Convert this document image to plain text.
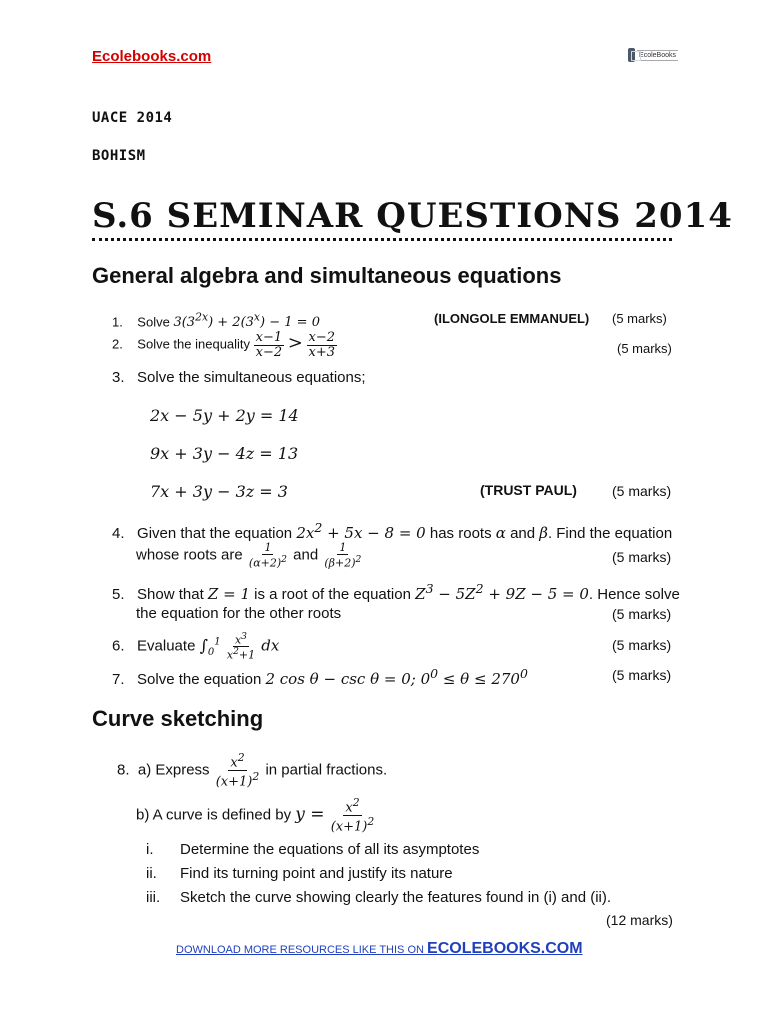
Ecolebooks.com	EcoleBooks
UACE 2014
BOHISM
S.6 SEMINAR QUESTIONS 2014
General algebra and simultaneous equations
1. Solve $3(3^{2x}) + 2(3^x) - 1 = 0$	(ILONGOLE EMMANUEL) (5 marks)
2. Solve the inequality $\frac{x-1}{x-2} > \frac{x-2}{x+3}$	(5 marks)
3. Solve the simultaneous equations;
2x − 5y + 2y = 14
9x + 3y − 4z = 13
7x + 3y − 3z = 3	(TRUST PAUL)	(5 marks)
4. Given that the equation $2x^2 + 5x - 8 = 0$ has roots α and β. Find the equation
whose roots are $\frac{1}{(\alpha+2)^2}$ and $\frac{1}{(\beta+2)^2}$	(5 marks)
5. Show that Z = 1 is a root of the equation $Z^3 - 5Z^2 + 9Z - 5 = 0$. Hence solve
the equation for the other roots	(5 marks)
6. Evaluate $\int_0^1 \frac{x^3}{x^2+1}$ dx	(5 marks)
7. Solve the equation 2 cos θ − csc θ = 0; $0^0 \le \theta \le 270^0$	(5 marks)
Curve sketching
8. a) Express $\frac{x^2}{(x+1)^2}$ in partial fractions.
b) A curve is defined by $y = \frac{x^2}{(x+1)^2}$
i. Determine the equations of all its asymptotes
ii. Find its turning point and justify its nature
iii. Sketch the curve showing clearly the features found in (i) and (ii).
(12 marks)
DOWNLOAD MORE RESOURCES LIKE THIS ON ECOLEBOOKS.COM
